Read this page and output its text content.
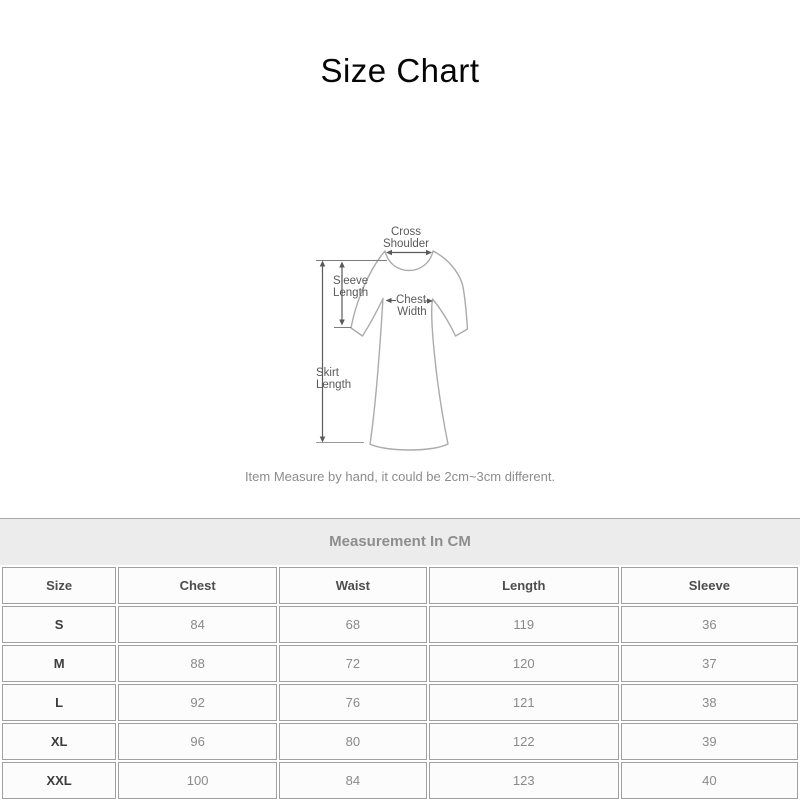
Size Chart
Cross
Shoulder
Sleeve
Length
Chest
Width
Skirt
Length
Item Measure by hand, it could be 2cm~3cm different.
Measurement In CM
Size	Chest	Waist	Length	Sleeve
S	84	68	119	36
M	88	72	120	37
L	92	76	121	38
XL	96	80	122	39
XXL	100	84	123	40
